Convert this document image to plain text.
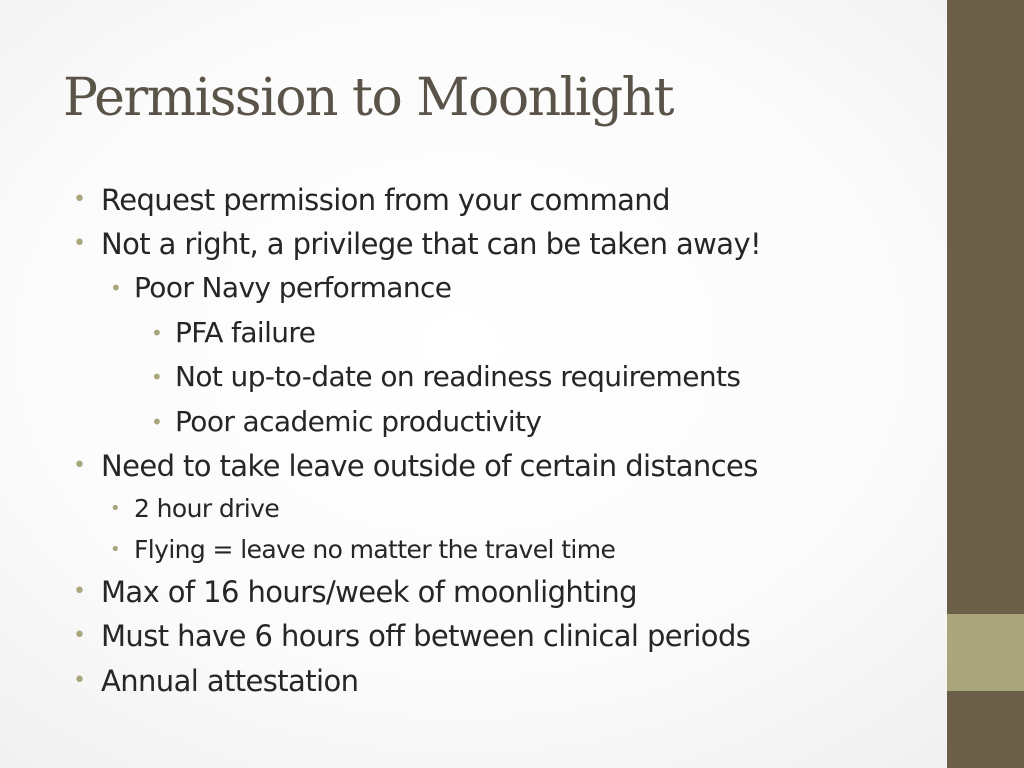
Permission to Moonlight
• Request permission from your command
• Not a right, a privilege that can be taken away!
• Poor Navy performance
• PFA failure
• Not up-to-date on readiness requirements
• Poor academic productivity
• Need to take leave outside of certain distances
• 2 hour drive
• Flying = leave no matter the travel time
• Max of 16 hours/week of moonlighting
• Must have 6 hours off between clinical periods
• Annual attestation
